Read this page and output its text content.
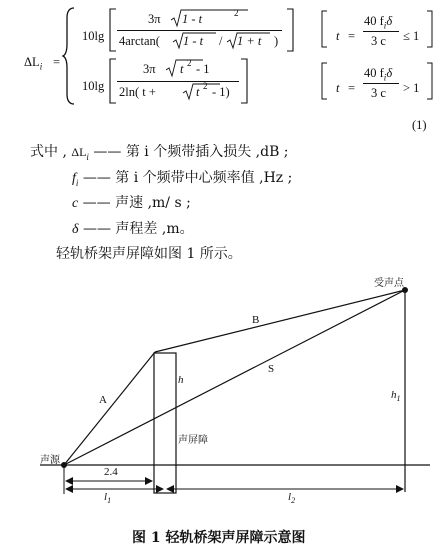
$\Delta L_i$ =
10lg
3π 1 - t	2
4arctan( 1 - t / 1 + t )	t =
40 $f_i\delta$
3 c ≤ 1
10lg
3π t 2 - 1
2ln( t +	t 2 - 1)	t =
40 $f_i\delta$
3 c > 1
(1)
式中 , $\Delta L_i$ —— 第 i 个频带插入损失 ,dB ;
$f_i$ —— 第 i 个频带中心频率值 ,Hz ;
c —— 声速 ,m/ s ;
δ —— 声程差 ,m。
轻轨桥架声屏障如图 1 所示。
受声点
声源
声屏障
B
S
A
h
$h_1$
2.4
$l_1$	$l_2$
图 1 轻轨桥架声屏障示意图
